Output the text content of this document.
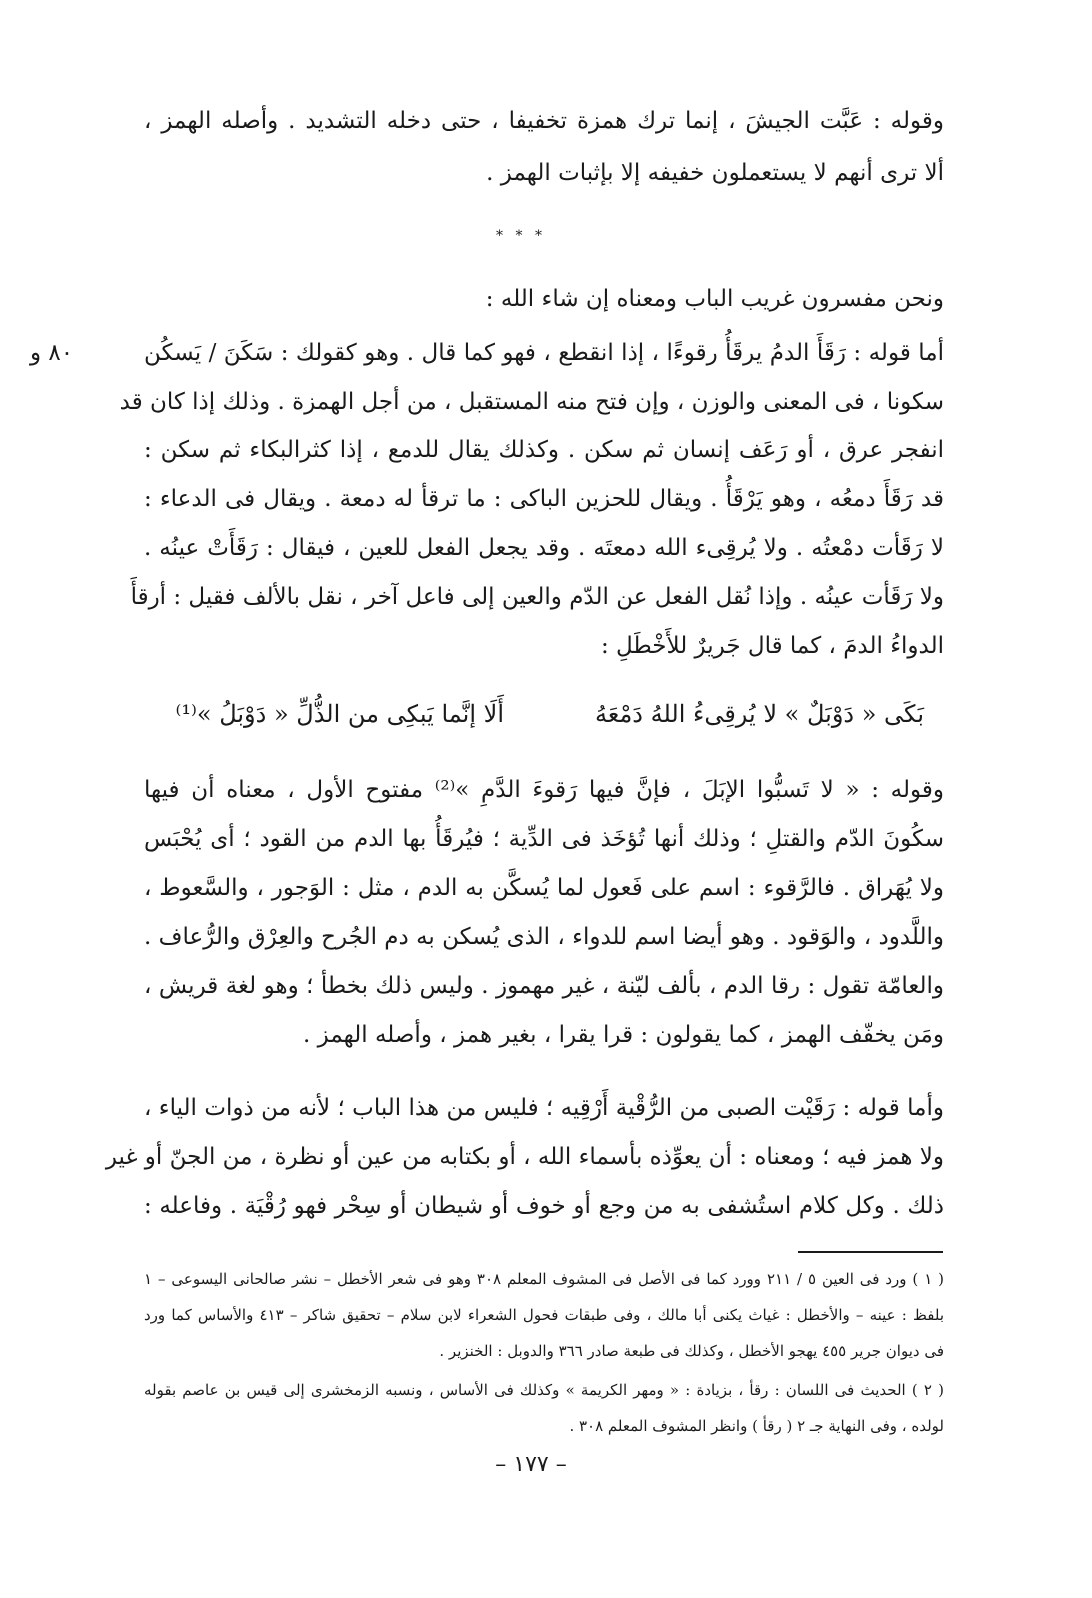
وقوله : عَبَّت الجيشَ ، إنما ترك همزة تخفيفا ، حتى دخله التشديد . وأصله الهمز ،
ألا ترى أنهم لا يستعملون خفيفه إلا بإثبات الهمز .
* * *
ونحن مفسرون غريب الباب ومعناه إن شاء الله :
٨٠ و	أما قوله : رَقَأَ الدمُ يرقَأُ رقوءًا ، إذا انقطع ، فهو كما قال . وهو كقولك : سَكَنَ / يَسكُن
سكونا ، فى المعنى والوزن ، وإن فتح منه المستقبل ، من أجل الهمزة . وذلك إذا كان قد
انفجر عرق ، أو رَعَف إنسان ثم سكن . وكذلك يقال للدمع ، إذا كثرالبكاء ثم سكن :
قد رَقَأَ دمعُه ، وهو يَرْقَأُ . ويقال للحزين الباكى : ما ترقأ له دمعة . ويقال فى الدعاء :
لا رَقَأت دمْعتُه . ولا يُرقِىء الله دمعتَه . وقد يجعل الفعل للعين ، فيقال : رَقَأَتْ عينُه .
ولا رَقَأت عينُه . وإذا نُقل الفعل عن الدّم والعين إلى فاعل آخر ، نقل بالألف فقيل : أرقأَ
الدواءُ الدمَ ، كما قال جَريرٌ للأَخْطَلِ :
بَكَى « دَوْبَلٌ » لا يُرقِىءُ اللهُ دَمْعَهُ
أَلَا إنَّما يَبكِى من الذُّلِّ « دَوْبَلُ »⁽¹⁾
وقوله : « لا تَسبُّوا الإبَلَ ، فإنَّ فيها رَقوءَ الدَّمِ »⁽²⁾ مفتوح الأول ، معناه أن فيها
سكُونَ الدّم والقتلِ ؛ وذلك أنها تُؤخَذ فى الدِّية ؛ فيُرقَأُ بها الدم من القود ؛ أى يُحْبَس
ولا يُهَراق . فالرَّقوء : اسم على فَعول لما يُسكَّن به الدم ، مثل : الوَجور ، والسَّعوط ،
واللَّدود ، والوَقود . وهو أيضا اسم للدواء ، الذى يُسكن به دم الجُرح والعِرْق والرُّعاف .
والعامّة تقول : رقا الدم ، بألف ليّنة ، غير مهموز . وليس ذلك بخطأ ؛ وهو لغة قريش ،
ومَن يخفّف الهمز ، كما يقولون : قرا يقرا ، بغير همز ، وأصله الهمز .
وأما قوله : رَقَيْت الصبى من الرُّقْية أَرْقِيه ؛ فليس من هذا الباب ؛ لأنه من ذوات الياء ،
ولا همز فيه ؛ ومعناه : أن يعوِّذه بأسماء الله ، أو بكتابه من عين أو نظرة ، من الجنّ أو غير
ذلك . وكل كلام استُشفى به من وجع أو خوف أو شيطان أو سِحْر فهو رُقْيَة . وفاعله :
( ١ ) ورد فى العين ٥ / ٢١١ وورد كما فى الأصل فى المشوف المعلم ٣٠٨ وهو فى شعر الأخطل – نشر صالحانى اليسوعى – ١
بلفظ : عينه – والأخطل : غياث يكنى أبا مالك ، وفى طبقات فحول الشعراء لابن سلام – تحقيق شاكر – ٤١٣ والأساس كما ورد
فى ديوان جرير ٤٥٥ يهجو الأخطل ، وكذلك فى طبعة صادر ٣٦٦ والدوبل : الخنزير .
( ٢ ) الحديث فى اللسان : رقأ ، بزيادة : « ومهر الكريمة » وكذلك فى الأساس ، ونسبه الزمخشرى إلى قيس بن عاصم بقوله
لولده ، وفى النهاية جـ ٢ ( رقأ ) وانظر المشوف المعلم ٣٠٨ .
– ١٧٧ –
